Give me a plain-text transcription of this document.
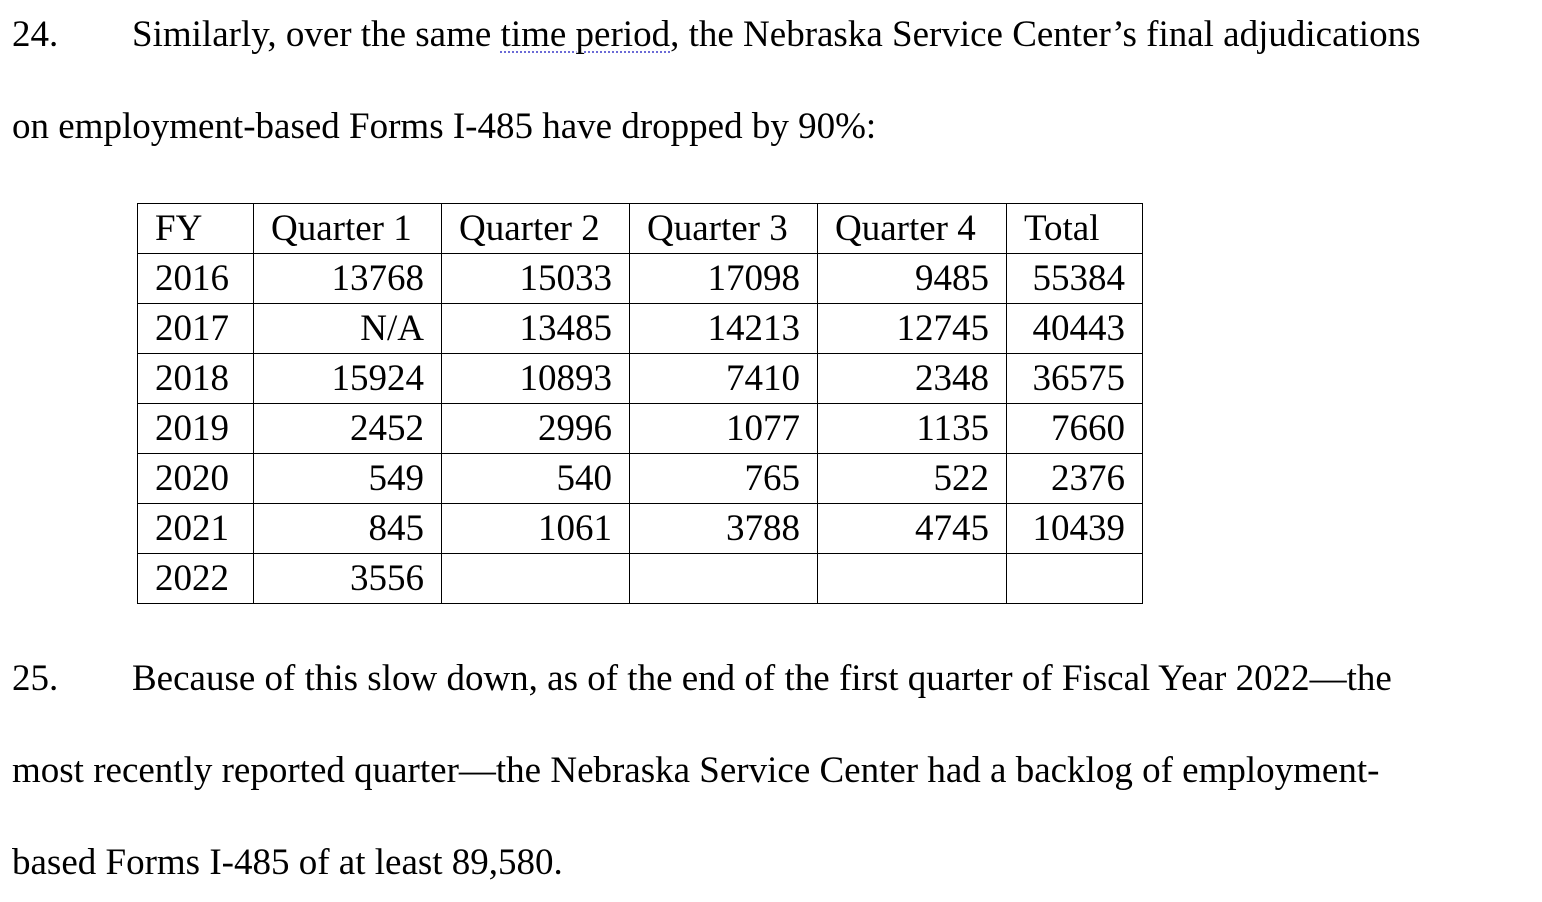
24. Similarly, over the same time period, the Nebraska Service Center’s final adjudications
on employment-based Forms I-485 have dropped by 90%:
FY	Quarter 1	Quarter 2	Quarter 3	Quarter 4	Total
2016	13768	15033	17098	9485	55384
2017	N/A	13485	14213	12745	40443
2018	15924	10893	7410	2348	36575
2019	2452	2996	1077	1135	7660
2020	549	540	765	522	2376
2021	845	1061	3788	4745	10439
2022	3556				
25. Because of this slow down, as of the end of the first quarter of Fiscal Year 2022—the
most recently reported quarter—the Nebraska Service Center had a backlog of employment-
based Forms I-485 of at least 89,580.
